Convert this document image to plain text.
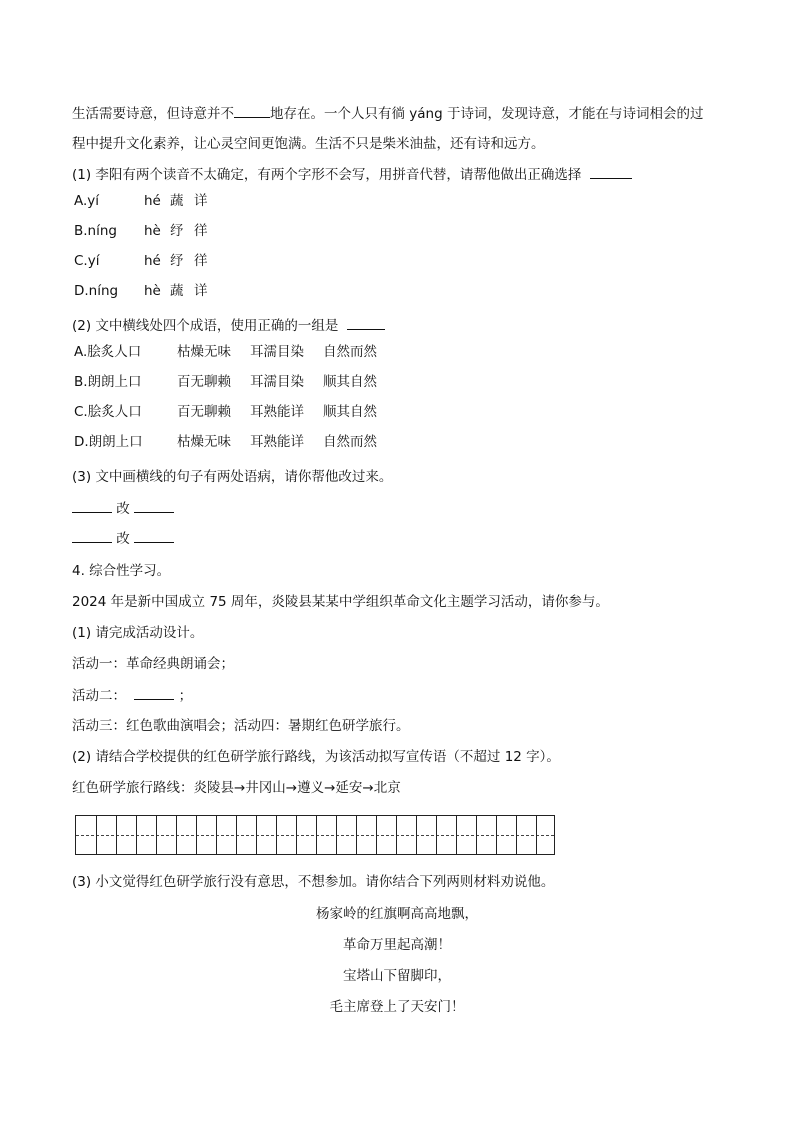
生活需要诗意，但诗意并不	地存在。一个人只有徜 yáng 于诗词，发现诗意，才能在与诗词相会的过
程中提升文化素养，让心灵空间更饱满。生活不只是柴米油盐，还有诗和远方。
(1) 李阳有两个读音不太确定，有两个字形不会写，用拼音代替，请帮他做出正确选择
A.yí	hé 蔬 详
B.níng hè 纾 徉
C.yí	hé 纾 徉
D.níng hè 蔬 详
(2) 文中横线处四个成语，使用正确的一组是
A.脍炙人口	枯燥无味 耳濡目染 自然而然
B.朗朗上口	百无聊赖 耳濡目染 顺其自然
C.脍炙人口	百无聊赖 耳熟能详 顺其自然
D.朗朗上口	枯燥无味 耳熟能详 自然而然
(3) 文中画横线的句子有两处语病，请你帮他改过来。
改
改
4. 综合性学习。
2024 年是新中国成立 75 周年，炎陵县某某中学组织革命文化主题学习活动，请你参与。
(1) 请完成活动设计。
活动一：革命经典朗诵会；
活动二：	；
活动三：红色歌曲演唱会；活动四：暑期红色研学旅行。
(2) 请结合学校提供的红色研学旅行路线，为该活动拟写宣传语（不超过 12 字）。
红色研学旅行路线：炎陵县→井冈山→遵义→延安→北京
(3) 小文觉得红色研学旅行没有意思，不想参加。请你结合下列两则材料劝说他。
杨家岭的红旗啊高高地飘，
革命万里起高潮！
宝塔山下留脚印，
毛主席登上了天安门！
